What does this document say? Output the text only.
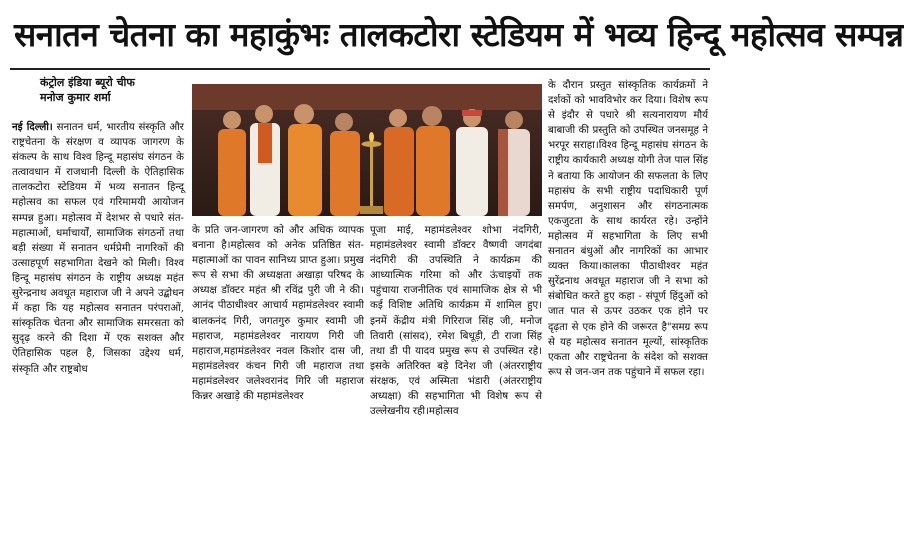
सनातन चेतना का महाकुंभः तालकटोरा स्टेडियम में भव्य हिन्दू महोत्सव सम्पन्न
कंट्रोल इंडिया ब्यूरो चीफ
मनोज कुमार शर्मा

नई दिल्ली। सनातन धर्म, भारतीय संस्कृति और राष्ट्रचेतना के संरक्षण व व्यापक जागरण के संकल्प के साथ विश्व हिन्दू महासंघ संगठन के तत्वावधान में राजधानी दिल्ली के ऐतिहासिक तालकटोरा स्टेडियम में भव्य सनातन हिन्दू महोत्सव का सफल एवं गरिमामयी आयोजन सम्पन्न हुआ। महोत्सव में देशभर से पधारे संत-महात्माओं, धर्माचार्यों, सामाजिक संगठनों तथा बड़ी संख्या में सनातन धर्मप्रेमी नागरिकों की उत्साहपूर्ण सहभागिता देखने को मिली। विश्व हिन्दू महासंघ संगठन के राष्ट्रीय अध्यक्ष महंत सुरेन्द्रनाथ अवधूत महाराज जी ने अपने उद्बोधन में कहा कि यह महोत्सव सनातन परंपराओं, सांस्कृतिक चेतना और सामाजिक समरसता को सुदृढ़ करने की दिशा में एक सशक्त और ऐतिहासिक पहल है, जिसका उद्देश्य धर्म, संस्कृति और राष्ट्रबोध

के प्रति जन-जागरण को और अधिक व्यापक बनाना है।महोत्सव को अनेक प्रतिष्ठित संत-महात्माओं का पावन सानिध्य प्राप्त हुआ। प्रमुख रूप से सभा की अध्यक्षता अखाड़ा परिषद के अध्यक्ष डॉक्टर महंत श्री रविंद्र पुरी जी ने की। आनंद पीठाधीश्वर आचार्य महामंडलेश्वर स्वामी बालकनंद गिरी, जगतगुरु कुमार स्वामी जी महाराज, महामंडलेश्वर नारायण गिरी जी महाराज,महामंडलेश्वर नवल किशोर दास जी, महामंडलेश्वर कंचन गिरी जी महाराज तथा महामंडलेश्वर जलेश्वरानंद गिरि जी महाराज किन्नर अखाड़े की महामंडलेश्वर

पूजा माई, महामंडलेश्वर शोभा नंदगिरी, महामंडलेश्वर स्वामी डॉक्टर वैष्णवी जगदंबा नंदगिरी की उपस्थिति ने कार्यक्रम की आध्यात्मिक गरिमा को और ऊंचाइयों तक पहुंचाया राजनीतिक एवं सामाजिक क्षेत्र से भी कई विशिष्ट अतिथि कार्यक्रम में शामिल हुए। इनमें केंद्रीय मंत्री गिरिराज सिंह जी, मनोज तिवारी (सांसद), रमेश बिधूड़ी, टी राजा सिंह तथा डी पी यादव प्रमुख रूप से उपस्थित रहे। इसके अतिरिक्त बड़े दिनेश जी (अंतरराष्ट्रीय संरक्षक, एवं अस्मिता भंडारी (अंतरराष्ट्रीय अध्यक्षा) की सहभागिता भी विशेष रूप से उल्लेखनीय रही।महोत्सव

के दौरान प्रस्तुत सांस्कृतिक कार्यक्रमों ने दर्शकों को भावविभोर कर दिया। विशेष रूप से इंदौर से पधारे श्री सत्यनारायण मौर्य बाबाजी की प्रस्तुति को उपस्थित जनसमूह ने भरपूर सराहा।विश्व हिन्दू महासंघ संगठन के राष्ट्रीय कार्यकारी अध्यक्ष योगी तेज पाल सिंह ने बताया कि आयोजन की सफलता के लिए महासंघ के सभी राष्ट्रीय पदाधिकारी पूर्ण समर्पण, अनुशासन और संगठनात्मक एकजुटता के साथ कार्यरत रहे। उन्होंने महोत्सव में सहभागिता के लिए सभी सनातन बंधुओं और नागरिकों का आभार व्यक्त किया।कालका पीठाधीश्वर महंत सुरेंद्रनाथ अवधूत महाराज जी ने सभा को संबोधित करते हुए कहा - संपूर्ण हिंदुओं को जात पात से ऊपर उठकर एक होने पर दृढ़ता से एक होने की जरूरत है"समग्र रूप से यह महोत्सव सनातन मूल्यों, सांस्कृतिक एकता और राष्ट्रचेतना के संदेश को सशक्त रूप से जन-जन तक पहुंचाने में सफल रहा।
